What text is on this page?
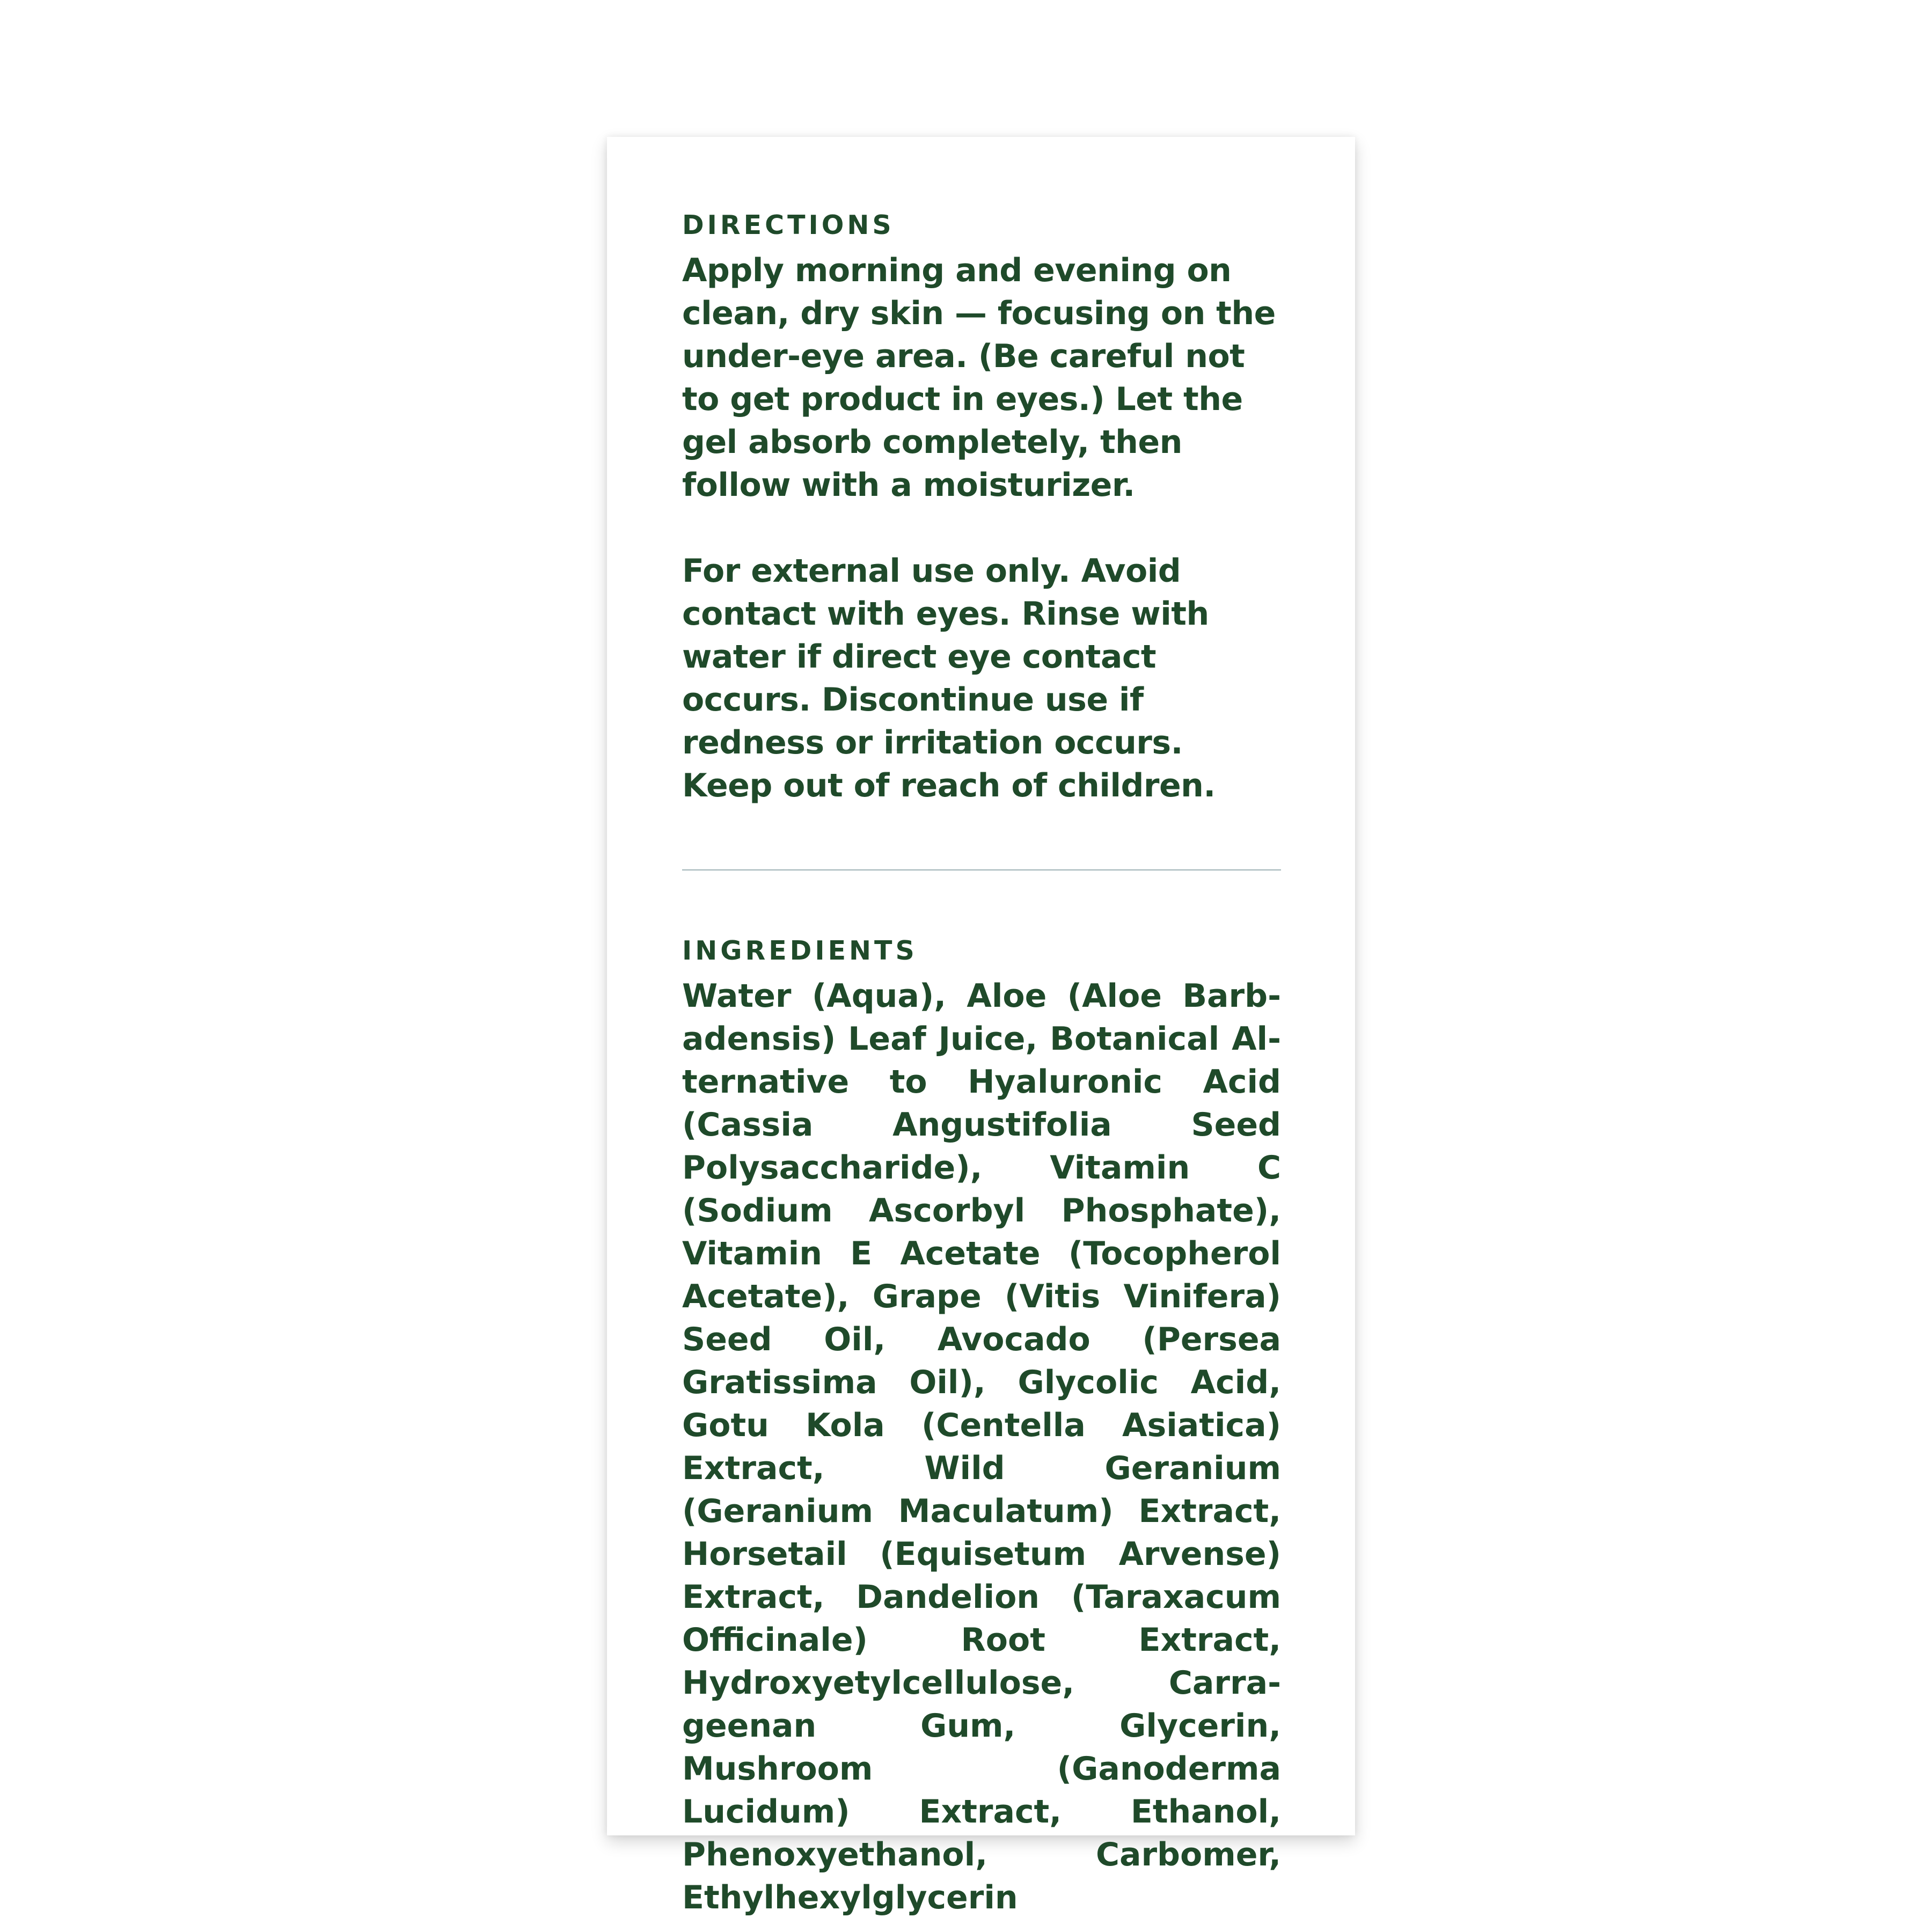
DIRECTIONS

Apply morning and evening on clean, dry skin — focusing on the under-eye area. (Be careful not to get product in eyes.) Let the gel absorb completely, then follow with a moisturizer.

For external use only. Avoid contact with eyes. Rinse with water if direct eye contact occurs. Discontinue use if redness or irritation occurs. Keep out of reach of children.

INGREDIENTS

Water (Aqua), Aloe (Aloe Barbadensis) Leaf Juice, Botanical Alternative to Hyaluronic Acid (Cassia Angustifolia Seed Polysaccharide), Vitamin C (Sodium Ascorbyl Phosphate), Vitamin E Acetate (Tocopherol Acetate), Grape (Vitis Vinifera) Seed Oil, Avocado (Persea Gratissima Oil), Glycolic Acid, Gotu Kola (Centella Asiatica) Extract, Wild Geranium (Geranium Maculatum) Extract, Horsetail (Equisetum Arvense) Extract, Dandelion (Taraxacum Officinale) Root Extract, Hydroxyetylcellulose, Carrageenan Gum, Glycerin, Mushroom (Ganoderma Lucidum) Extract, Ethanol, Phenoxyethanol, Carbomer, Ethylhexylglycerin
